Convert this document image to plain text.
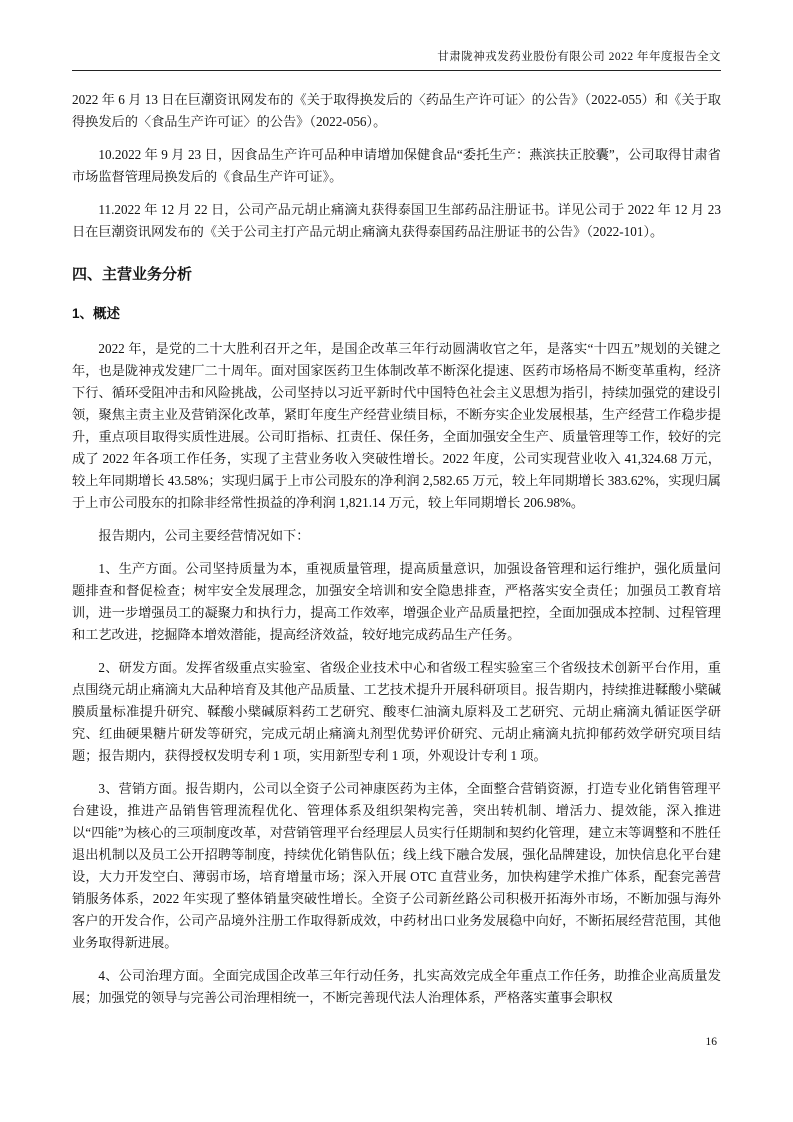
甘肃陇神戎发药业股份有限公司 2022 年年度报告全文

2022 年 6 月 13 日在巨潮资讯网发布的《关于取得换发后的〈药品生产许可证〉的公告》（2022-055）和《关于取得换发后的〈食品生产许可证〉的公告》（2022-056）。

10.2022 年 9 月 23 日，因食品生产许可品种申请增加保健食品“委托生产：燕滨扶正胶囊”，公司取得甘肃省市场监督管理局换发后的《食品生产许可证》。

11.2022 年 12 月 22 日，公司产品元胡止痛滴丸获得泰国卫生部药品注册证书。详见公司于 2022 年 12 月 23 日在巨潮资讯网发布的《关于公司主打产品元胡止痛滴丸获得泰国药品注册证书的公告》（2022-101）。

四、主营业务分析
1、概述

2022 年，是党的二十大胜利召开之年，是国企改革三年行动圆满收官之年，是落实“十四五”规划的关键之年，也是陇神戎发建厂二十周年。面对国家医药卫生体制改革不断深化提速、医药市场格局不断变革重构，经济下行、循环受阻冲击和风险挑战，公司坚持以习近平新时代中国特色社会主义思想为指引，持续加强党的建设引领，聚焦主责主业及营销深化改革，紧盯年度生产经营业绩目标，不断夯实企业发展根基，生产经营工作稳步提升，重点项目取得实质性进展。公司盯指标、扛责任、保任务，全面加强安全生产、质量管理等工作，较好的完成了 2022 年各项工作任务，实现了主营业务收入突破性增长。2022 年度，公司实现营业收入 41,324.68 万元，较上年同期增长 43.58%；实现归属于上市公司股东的净利润 2,582.65 万元，较上年同期增长 383.62%，实现归属于上市公司股东的扣除非经常性损益的净利润 1,821.14 万元，较上年同期增长 206.98%。

报告期内，公司主要经营情况如下：

1、生产方面。公司坚持质量为本，重视质量管理，提高质量意识，加强设备管理和运行维护，强化质量问题排查和督促检查；树牢安全发展理念，加强安全培训和安全隐患排查，严格落实安全责任；加强员工教育培训，进一步增强员工的凝聚力和执行力，提高工作效率，增强企业产品质量把控，全面加强成本控制、过程管理和工艺改进，挖掘降本增效潜能，提高经济效益，较好地完成药品生产任务。

2、研发方面。发挥省级重点实验室、省级企业技术中心和省级工程实验室三个省级技术创新平台作用，重点围绕元胡止痛滴丸大品种培育及其他产品质量、工艺技术提升开展科研项目。报告期内，持续推进鞣酸小檗碱膜质量标准提升研究、鞣酸小檗碱原料药工艺研究、酸枣仁油滴丸原料及工艺研究、元胡止痛滴丸循证医学研究、红曲硬果糖片研发等研究，完成元胡止痛滴丸剂型优势评价研究、元胡止痛滴丸抗抑郁药效学研究项目结题；报告期内，获得授权发明专利 1 项，实用新型专利 1 项，外观设计专利 1 项。

3、营销方面。报告期内，公司以全资子公司神康医药为主体，全面整合营销资源，打造专业化销售管理平台建设，推进产品销售管理流程优化、管理体系及组织架构完善，突出转机制、增活力、提效能，深入推进以“四能”为核心的三项制度改革，对营销管理平台经理层人员实行任期制和契约化管理，建立末等调整和不胜任退出机制以及员工公开招聘等制度，持续优化销售队伍；线上线下融合发展，强化品牌建设，加快信息化平台建设，大力开发空白、薄弱市场，培育增量市场；深入开展 OTC 直营业务，加快构建学术推广体系，配套完善营销服务体系，2022 年实现了整体销量突破性增长。全资子公司新丝路公司积极开拓海外市场，不断加强与海外客户的开发合作，公司产品境外注册工作取得新成效，中药材出口业务发展稳中向好，不断拓展经营范围，其他业务取得新进展。

4、公司治理方面。全面完成国企改革三年行动任务，扎实高效完成全年重点工作任务，助推企业高质量发展；加强党的领导与完善公司治理相统一，不断完善现代法人治理体系，严格落实董事会职权

16
